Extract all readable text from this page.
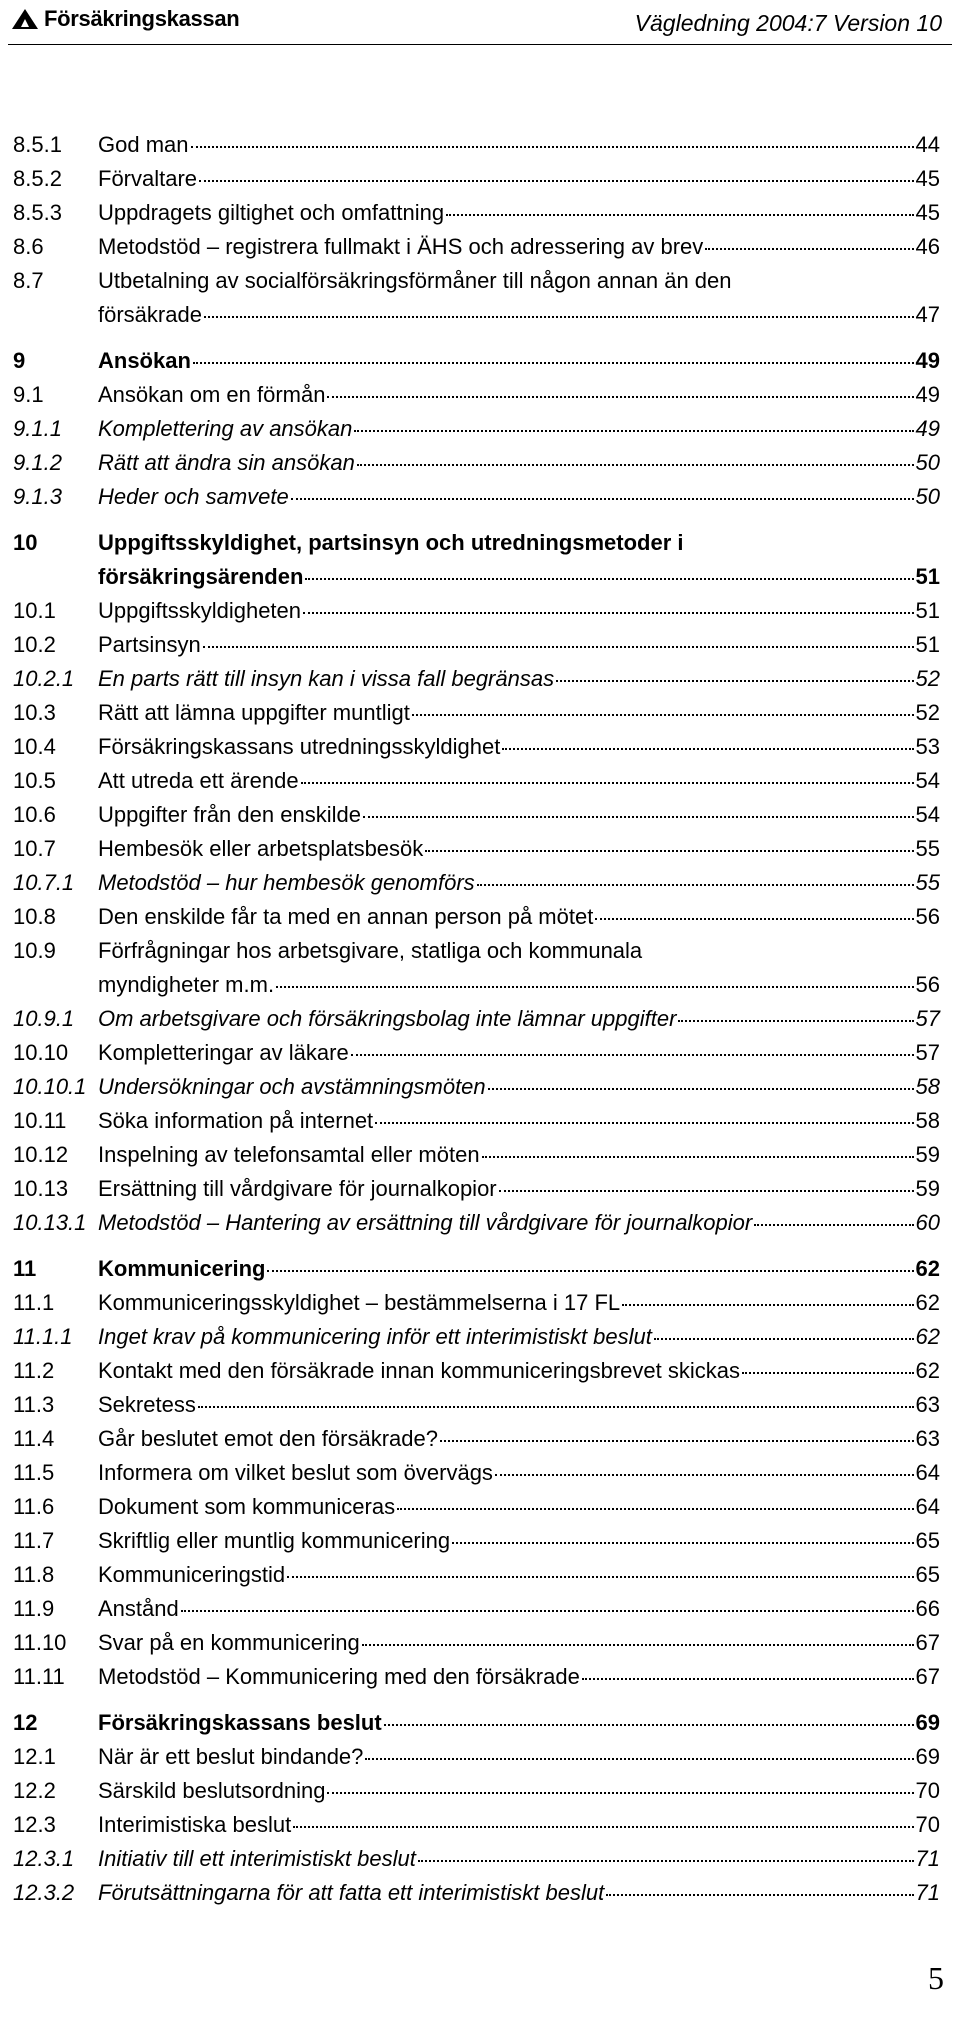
Försäkringskassan	Vägledning 2004:7 Version 10
8.5.1	God man	44
8.5.2	Förvaltare	45
8.5.3	Uppdragets giltighet och omfattning	45
8.6	Metodstöd – registrera fullmakt i ÄHS och adressering av brev	46
8.7	Utbetalning av socialförsäkringsförmåner till någon annan än den
försäkrade	47
9	Ansökan	49
9.1	Ansökan om en förmån	49
9.1.1	Komplettering av ansökan	49
9.1.2	Rätt att ändra sin ansökan	50
9.1.3	Heder och samvete	50
10	Uppgiftsskyldighet, partsinsyn och utredningsmetoder i
försäkringsärenden	51
10.1	Uppgiftsskyldigheten	51
10.2	Partsinsyn	51
10.2.1	En parts rätt till insyn kan i vissa fall begränsas	52
10.3	Rätt att lämna uppgifter muntligt	52
10.4	Försäkringskassans utredningsskyldighet	53
10.5	Att utreda ett ärende	54
10.6	Uppgifter från den enskilde	54
10.7	Hembesök eller arbetsplatsbesök	55
10.7.1	Metodstöd – hur hembesök genomförs	55
10.8	Den enskilde får ta med en annan person på mötet	56
10.9	Förfrågningar hos arbetsgivare, statliga och kommunala
myndigheter m.m.	56
10.9.1	Om arbetsgivare och försäkringsbolag inte lämnar uppgifter	57
10.10	Kompletteringar av läkare	57
10.10.1 Undersökningar och avstämningsmöten	58
10.11	Söka information på internet	58
10.12	Inspelning av telefonsamtal eller möten	59
10.13	Ersättning till vårdgivare för journalkopior	59
10.13.1 Metodstöd – Hantering av ersättning till vårdgivare för journalkopior	60
11	Kommunicering	62
11.1	Kommuniceringsskyldighet – bestämmelserna i 17 FL	62
11.1.1	Inget krav på kommunicering inför ett interimistiskt beslut	62
11.2	Kontakt med den försäkrade innan kommuniceringsbrevet skickas	62
11.3	Sekretess	63
11.4	Går beslutet emot den försäkrade?	63
11.5	Informera om vilket beslut som övervägs	64
11.6	Dokument som kommuniceras	64
11.7	Skriftlig eller muntlig kommunicering	65
11.8	Kommuniceringstid	65
11.9	Anstånd	66
11.10	Svar på en kommunicering	67
11.11	Metodstöd – Kommunicering med den försäkrade	67
12	Försäkringskassans beslut	69
12.1	När är ett beslut bindande?	69
12.2	Särskild beslutsordning	70
12.3	Interimistiska beslut	70
12.3.1	Initiativ till ett interimistiskt beslut	71
12.3.2	Förutsättningarna för att fatta ett interimistiskt beslut	71
5
